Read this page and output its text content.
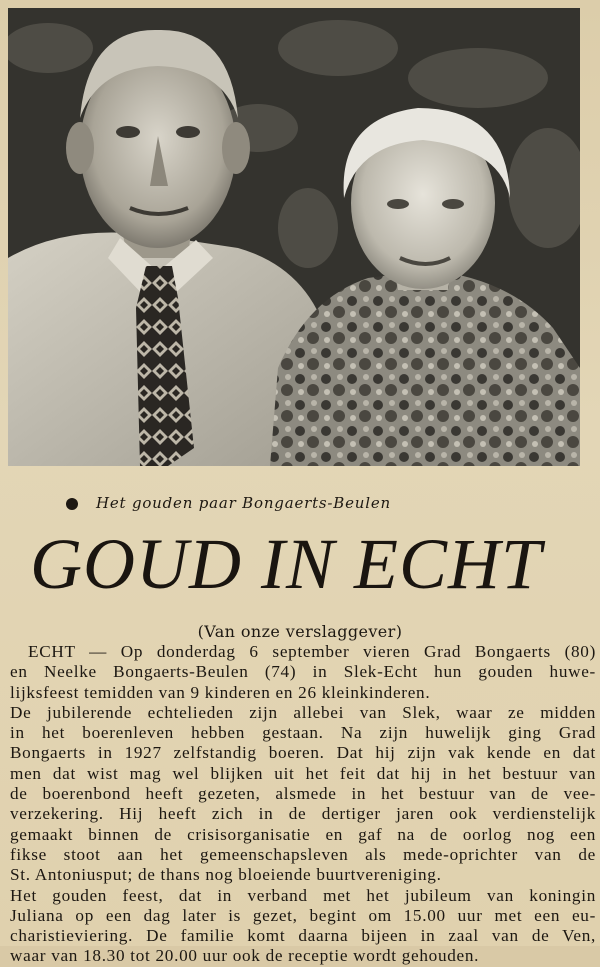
Het gouden paar Bongaerts-Beulen
GOUD IN ECHT
(Van onze verslaggever)
ECHT — Op donderdag 6 september vieren Grad Bongaerts (80)
en Neelke Bongaerts-Beulen (74) in Slek-Echt hun gouden huwe-
lijksfeest temidden van 9 kinderen en 26 kleinkinderen.
De jubilerende echtelieden zijn allebei van Slek, waar ze midden
in het boerenleven hebben gestaan. Na zijn huwelijk ging Grad
Bongaerts in 1927 zelfstandig boeren. Dat hij zijn vak kende en dat
men dat wist mag wel blijken uit het feit dat hij in het bestuur van
de boerenbond heeft gezeten, alsmede in het bestuur van de vee-
verzekering. Hij heeft zich in de dertiger jaren ook verdienstelijk
gemaakt binnen de crisisorganisatie en gaf na de oorlog nog een
fikse stoot aan het gemeenschapsleven als mede-oprichter van de
St. Antoniusput; de thans nog bloeiende buurtvereniging.
Het gouden feest, dat in verband met het jubileum van koningin
Juliana op een dag later is gezet, begint om 15.00 uur met een eu-
charistieviering. De familie komt daarna bijeen in zaal van de Ven,
waar van 18.30 tot 20.00 uur ook de receptie wordt gehouden.
